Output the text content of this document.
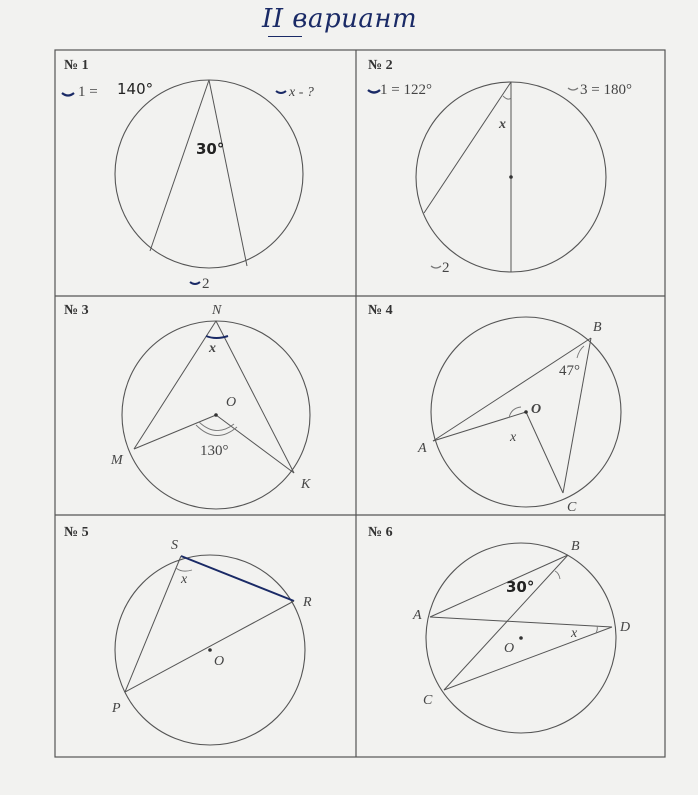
II вариант
№ 1
1 = 140°	x - ?
30°
2
№ 2
1 = 122°	3 = 180°
x
2
№ 3	N
x
O
130°
M
K
№ 4
B
47°
O
A
x
C
№ 5
S
x
R
O
P
№ 6
B
30°
A
D
x
O
C
